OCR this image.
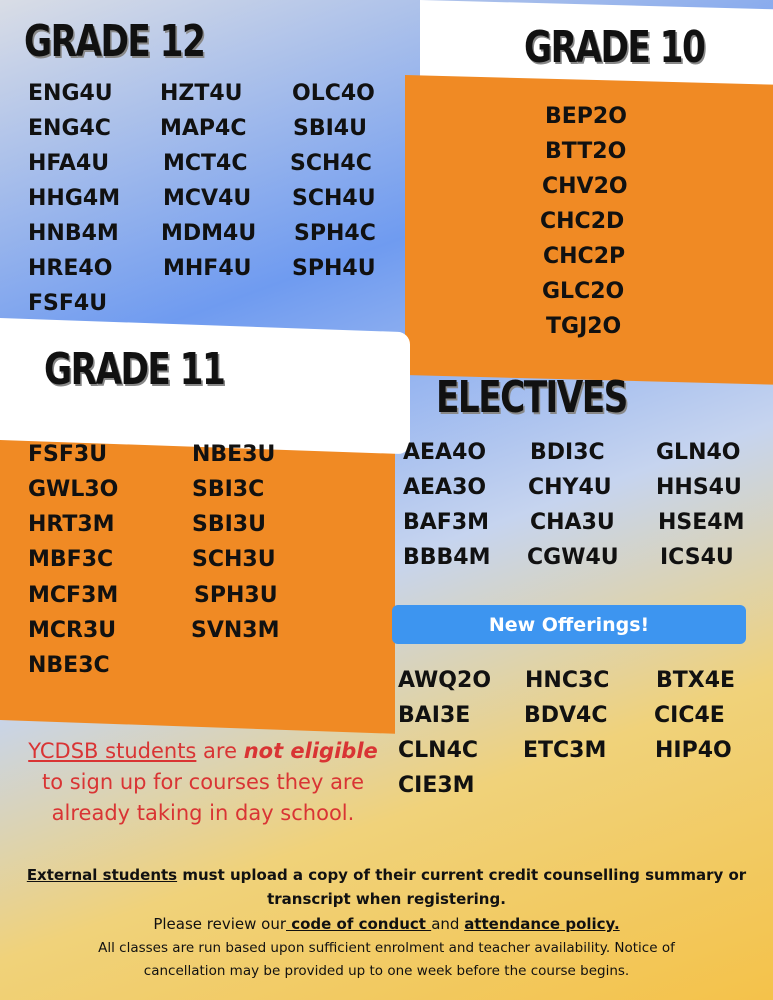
GRADE 12	GRADE 10
GRADE 11
ELECTIVES
ENG4U
ENG4C
HFA4U
HHG4M
HNB4M
HRE4O
FSF4U
HZT4U
MAP4C
MCT4C
MCV4U
MDM4U
MHF4U
OLC4O
SBI4U
SCH4C
SCH4U
SPH4C
SPH4U
BEP2O
BTT2O
CHV2O
CHC2D
CHC2P
GLC2O
TGJ2O
FSF3U
GWL3O
HRT3M
MBF3C
MCF3M
MCR3U
NBE3C
NBE3U
SBI3C
SBI3U
SCH3U
SPH3U
SVN3M
AEA4O
AEA3O
BAF3M
BBB4M
BDI3C
CHY4U
CHA3U
CGW4U
GLN4O
HHS4U
HSE4M
ICS4U
New Offerings!
AWQ2O
BAI3E
CLN4C
CIE3M
HNC3C
BDV4C
ETC3M
BTX4E
CIC4E
HIP4O
YCDSB students are not eligible
to sign up for courses they are
already taking in day school.
External students must upload a copy of their current credit counselling summary or
transcript when registering.
Please review our code of conduct and attendance policy.
All classes are run based upon sufficient enrolment and teacher availability. Notice of
cancellation may be provided up to one week before the course begins.
